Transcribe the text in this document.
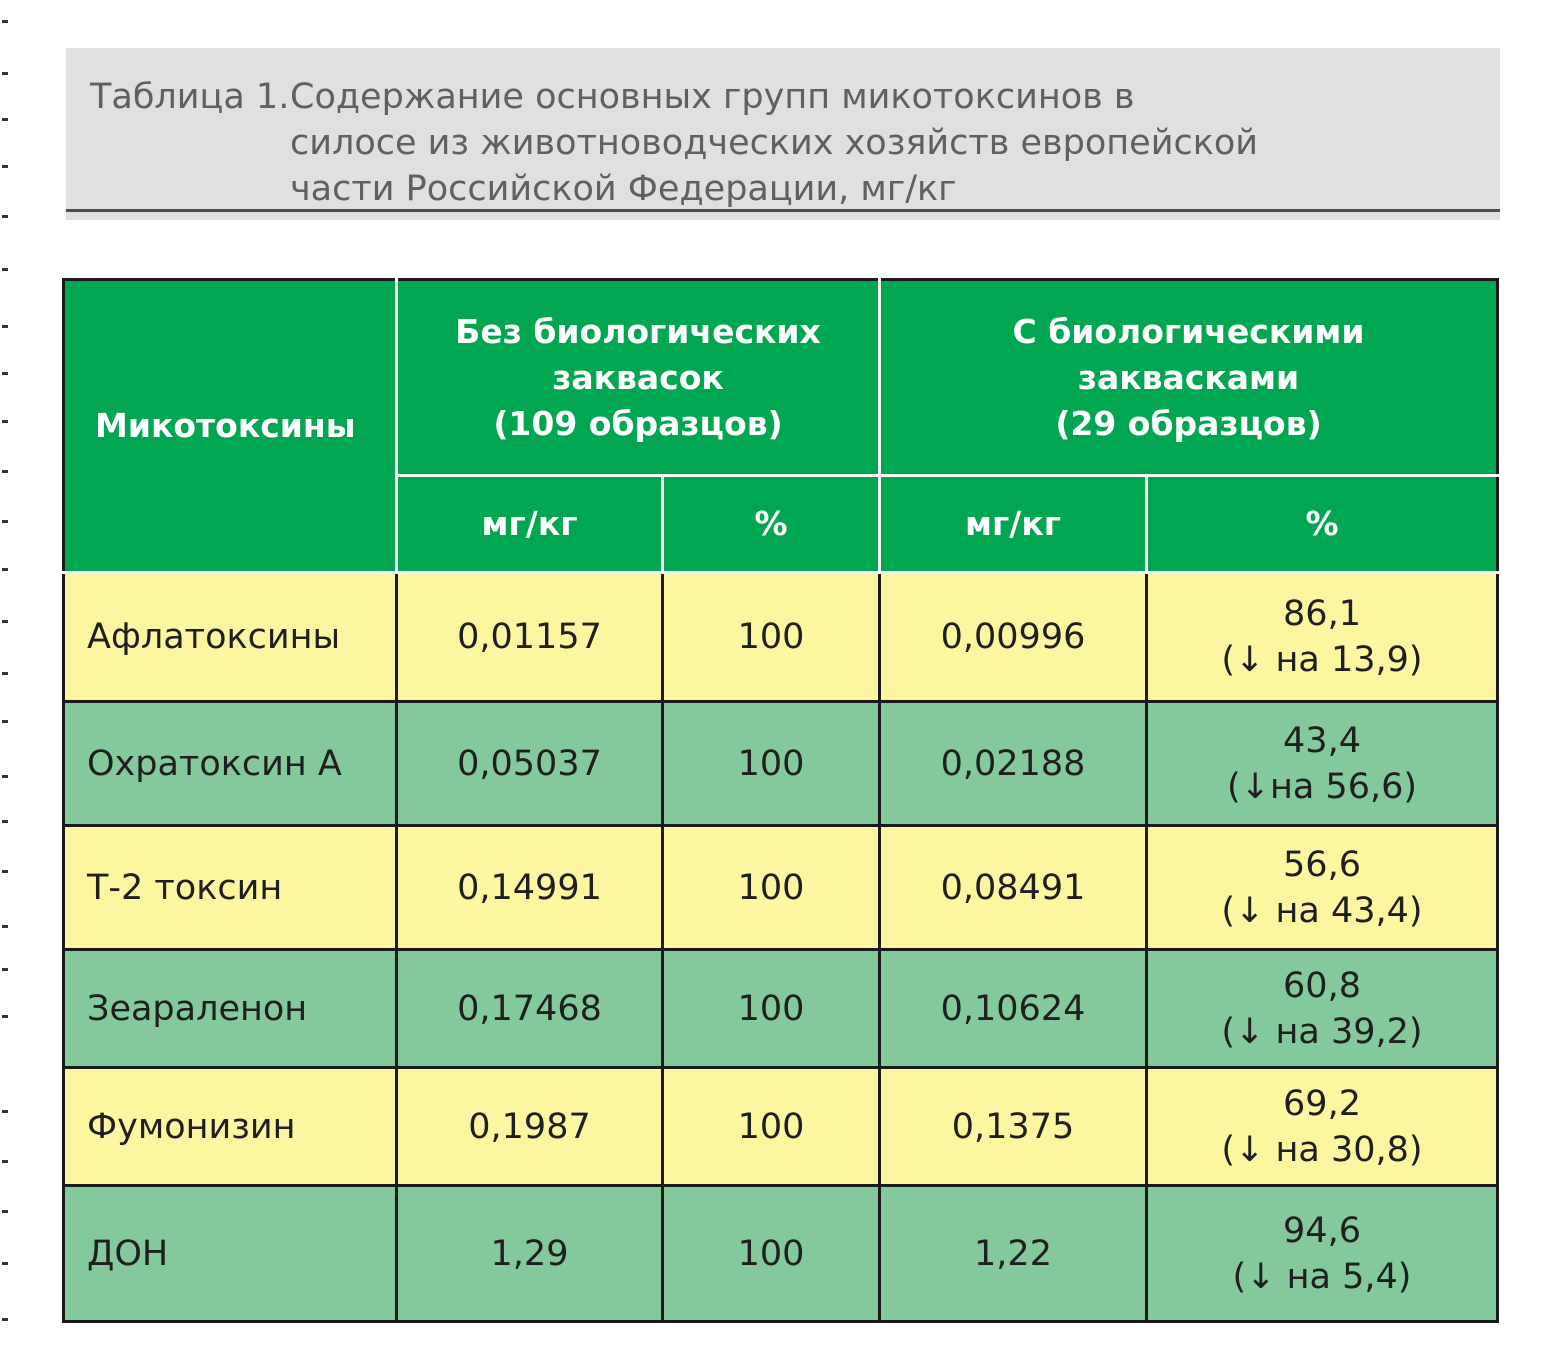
Таблица 1. Содержание основных групп микотоксинов в
силосе из животноводческих хозяйств европейской
части Российской Федерации, мг/кг
Микотоксины	Без биологических
заквасок
(109 образцов)		С биологическими
заквасками
(29 образцов)	

	мг/кг	%	мг/кг	%
Афлатоксины	0,01157	100	0,00996	86,1
(↓ на 13,9)

Охратоксин А	0,05037	100	0,02188	43,4
(↓на 56,6)

Т-2 токсин	0,14991	100	0,08491	56,6
(↓ на 43,4)

Зеараленон	0,17468	100	0,10624	60,8
(↓ на 39,2)

Фумонизин	0,1987	100	0,1375	69,2
(↓ на 30,8)

ДОН	1,29	100	1,22	94,6
(↓ на 5,4)
